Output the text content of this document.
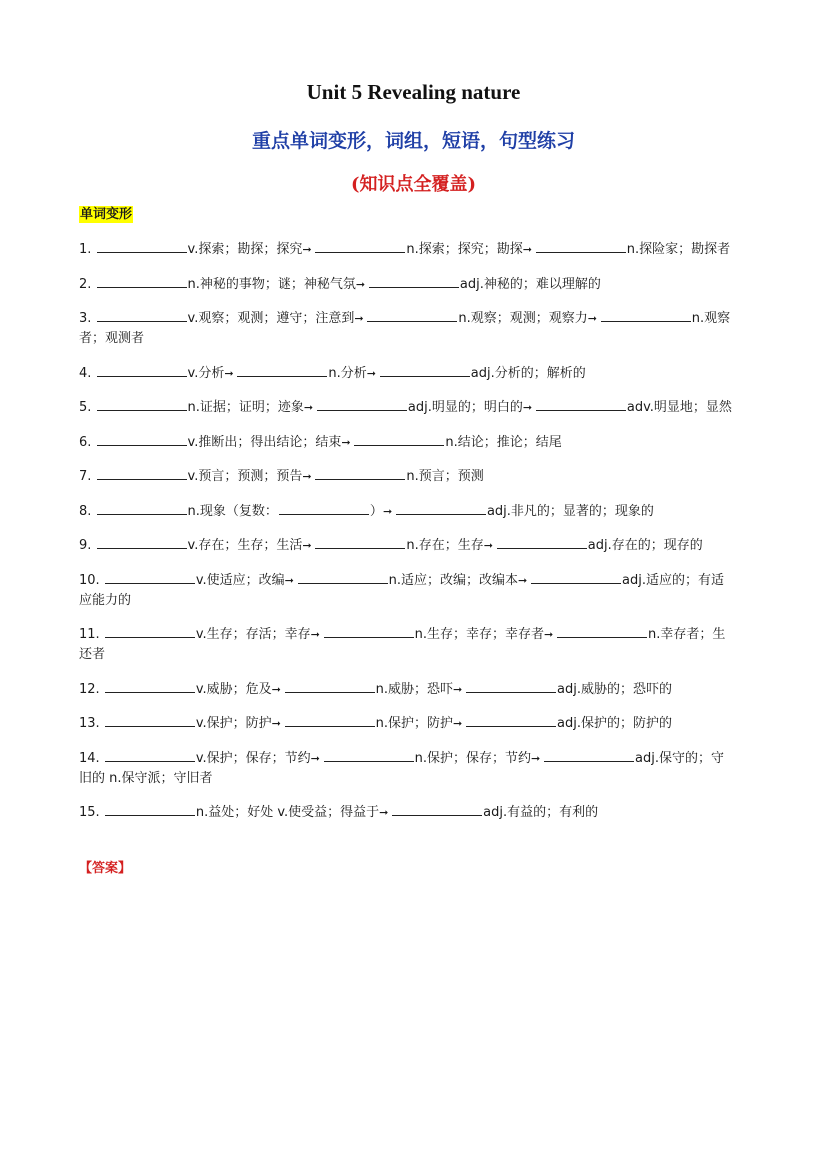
Unit 5 Revealing nature
重点单词变形，词组，短语，句型练习
(知识点全覆盖)
单词变形
1.	v.探索；勘探；探究➞	n.探索；探究；勘探➞	n.探险家；勘探者
2.	n.神秘的事物；谜；神秘气氛➞	adj.神秘的；难以理解的
3.	v.观察；观测；遵守；注意到➞	n.观察；观测；观察力➞	n.观察
者；观测者
4.	v.分析➞	n.分析➞	adj.分析的；解析的
5.	n.证据；证明；迹象➞	adj.明显的；明白的➞	adv.明显地；显然
6.	v.推断出；得出结论；结束➞	n.结论；推论；结尾
7.	v.预言；预测；预告➞	n.预言；预测
8.	n.现象（复数：	）➞	adj.非凡的；显著的；现象的
9.	v.存在；生存；生活➞	n.存在；生存➞	adj.存在的；现存的
10.	v.使适应；改编➞	n.适应；改编；改编本➞	adj.适应的；有适
应能力的
11.	v.生存；存活；幸存➞	n.生存；幸存；幸存者➞	n.幸存者；生
还者
12.	v.威胁；危及➞	n.威胁；恐吓➞	adj.威胁的；恐吓的
13.	v.保护；防护➞	n.保护；防护➞	adj.保护的；防护的
14.	v.保护；保存；节约➞	n.保护；保存；节约➞	adj.保守的；守
旧的 n.保守派；守旧者
15.	n.益处；好处 v.使受益；得益于➞	adj.有益的；有利的
【答案】
